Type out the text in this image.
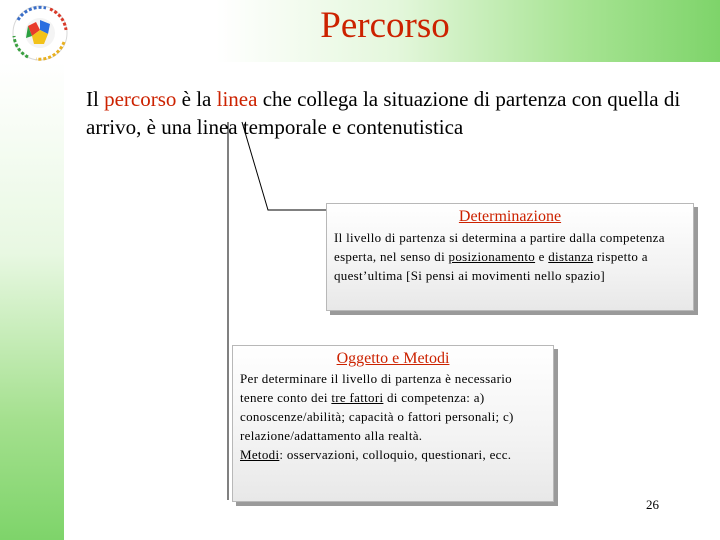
Percorso
Il percorso è la linea che collega la situazione di partenza con quella di arrivo, è una linea temporale e contenutistica
Determinazione
Il livello di partenza si determina a partire dalla competenza esperta, nel senso di posizionamento e distanza rispetto a quest’ultima [Si pensi ai movimenti nello spazio]
Oggetto e Metodi
Per determinare il livello di partenza è necessario tenere conto dei tre fattori di competenza: a) conoscenze/abilità; capacità o fattori personali; c) relazione/adattamento alla realtà.
Metodi: osservazioni, colloquio, questionari, ecc.
26
